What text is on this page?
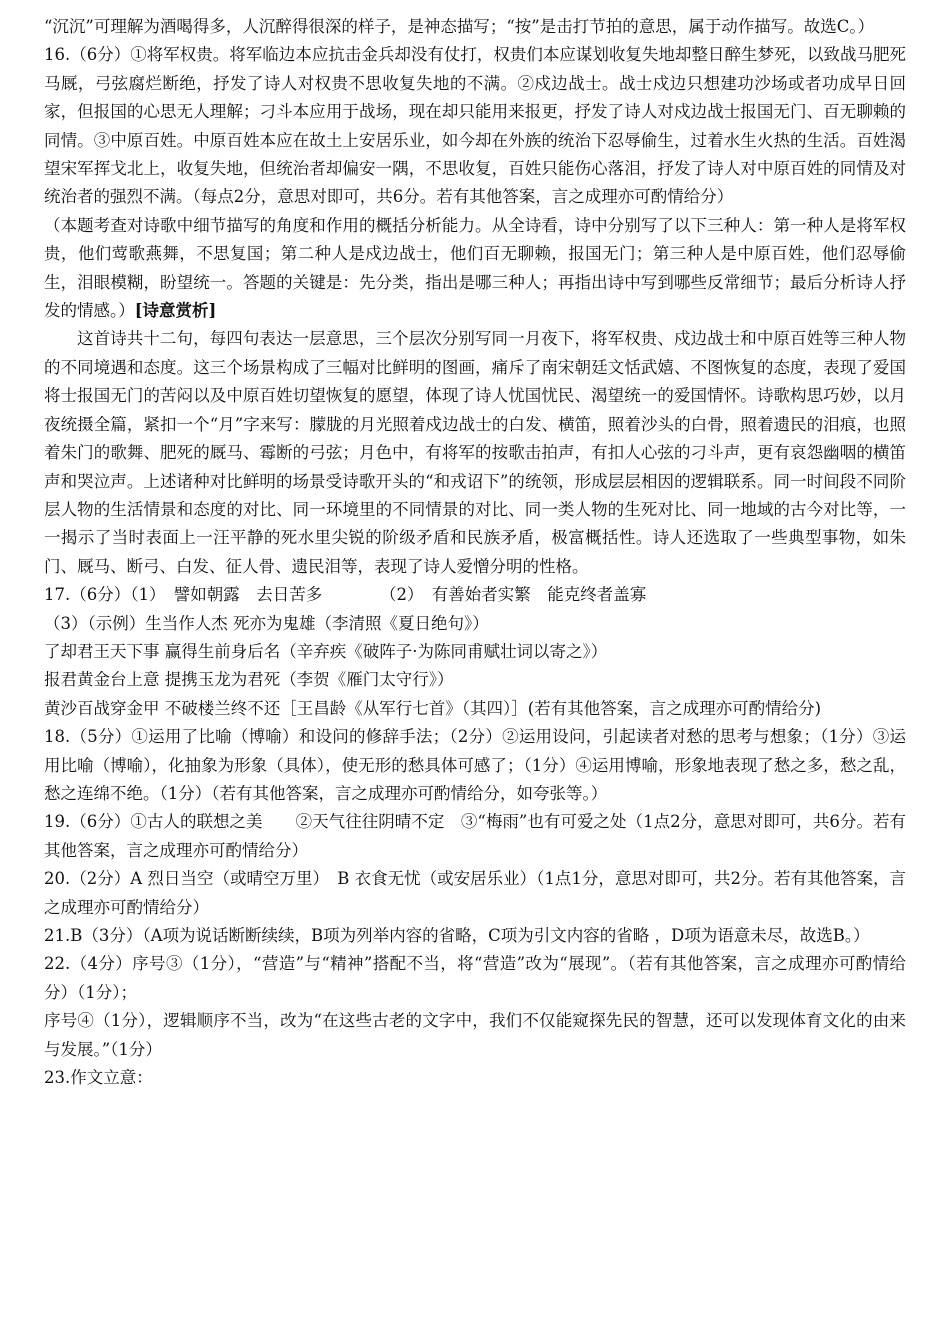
“沉沉”可理解为酒喝得多，人沉醉得很深的样子，是神态描写；“按”是击打节拍的意思，属于动作描写。故选C。）

16.（6分）①将军权贵。将军临边本应抗击金兵却没有仗打，权贵们本应谋划收复失地却整日醉生梦死，以致战马肥死马厩，弓弦腐烂断绝，抒发了诗人对权贵不思收复失地的不满。②戍边战士。战士戍边只想建功沙场或者功成早日回家，但报国的心思无人理解；刁斗本应用于战场，现在却只能用来报更，抒发了诗人对戍边战士报国无门、百无聊赖的同情。③中原百姓。中原百姓本应在故土上安居乐业，如今却在外族的统治下忍辱偷生，过着水生火热的生活。百姓渴望宋军挥戈北上，收复失地，但统治者却偏安一隅，不思收复，百姓只能伤心落泪，抒发了诗人对中原百姓的同情及对统治者的强烈不满。（每点2分，意思对即可，共6分。若有其他答案，言之成理亦可酌情给分）

（本题考查对诗歌中细节描写的角度和作用的概括分析能力。从全诗看，诗中分别写了以下三种人：第一种人是将军权贵，他们莺歌燕舞，不思复国；第二种人是戍边战士，他们百无聊赖，报国无门；第三种人是中原百姓，他们忍辱偷生，泪眼模糊，盼望统一。答题的关键是：先分类，指出是哪三种人；再指出诗中写到哪些反常细节；最后分析诗人抒发的情感。）[诗意赏析]

这首诗共十二句，每四句表达一层意思，三个层次分别写同一月夜下，将军权贵、戍边战士和中原百姓等三种人物的不同境遇和态度。这三个场景构成了三幅对比鲜明的图画，痛斥了南宋朝廷文恬武嬉、不图恢复的态度，表现了爱国将士报国无门的苦闷以及中原百姓切望恢复的愿望，体现了诗人忧国忧民、渴望统一的爱国情怀。诗歌构思巧妙，以月夜统摄全篇，紧扣一个“月”字来写：朦胧的月光照着戍边战士的白发、横笛，照着沙头的白骨，照着遗民的泪痕，也照着朱门的歌舞、肥死的厩马、霉断的弓弦；月色中，有将军的按歌击拍声，有扣人心弦的刁斗声，更有哀怨幽咽的横笛声和哭泣声。上述诸种对比鲜明的场景受诗歌开头的“和戎诏下”的统领，形成层层相因的逻辑联系。同一时间段不同阶层人物的生活情景和态度的对比、同一环境里的不同情景的对比、同一类人物的生死对比、同一地域的古今对比等，一一揭示了当时表面上一汪平静的死水里尖锐的阶级矛盾和民族矛盾，极富概括性。诗人还选取了一些典型事物，如朱门、厩马、断弓、白发、征人骨、遗民泪等，表现了诗人爱憎分明的性格。

17.（6分）（1）　譬如朝露　去日苦多　　　　（2）　有善始者实繁　能克终者盖寡

（3）（示例）生当作人杰 死亦为鬼雄（李清照《夏日绝句》）

了却君王天下事 赢得生前身后名（辛弃疾《破阵子·为陈同甫赋壮词以寄之》）

报君黄金台上意 提携玉龙为君死（李贺《雁门太守行》）

黄沙百战穿金甲 不破楼兰终不还［王昌龄《从军行七首》（其四）］(若有其他答案，言之成理亦可酌情给分)

18.（5分）①运用了比喻（博喻）和设问的修辞手法；（2分）②运用设问，引起读者对愁的思考与想象；（1分）③运用比喻（博喻），化抽象为形象（具体），使无形的愁具体可感了；（1分）④运用博喻，形象地表现了愁之多，愁之乱，愁之连绵不绝。（1分）（若有其他答案，言之成理亦可酌情给分，如夸张等。）

19.（6分）①古人的联想之美　　②天气往往阴晴不定　③“梅雨”也有可爱之处（1点2分，意思对即可，共6分。若有其他答案，言之成理亦可酌情给分）

20.（2分）A 烈日当空（或晴空万里）　B 衣食无忧（或安居乐业）（1点1分，意思对即可，共2分。若有其他答案，言之成理亦可酌情给分）

21.B（3分）（A项为说话断断续续，B项为列举内容的省略，C项为引文内容的省略 ，D项为语意未尽，故选B。）

22.（4分）序号③（1分），“营造”与“精神”搭配不当，将“营造”改为“展现”。（若有其他答案，言之成理亦可酌情给分）（1分）；

序号④（1分），逻辑顺序不当，改为“在这些古老的文字中，我们不仅能窥探先民的智慧，还可以发现体育文化的由来与发展。”（1分）

23.作文立意：
